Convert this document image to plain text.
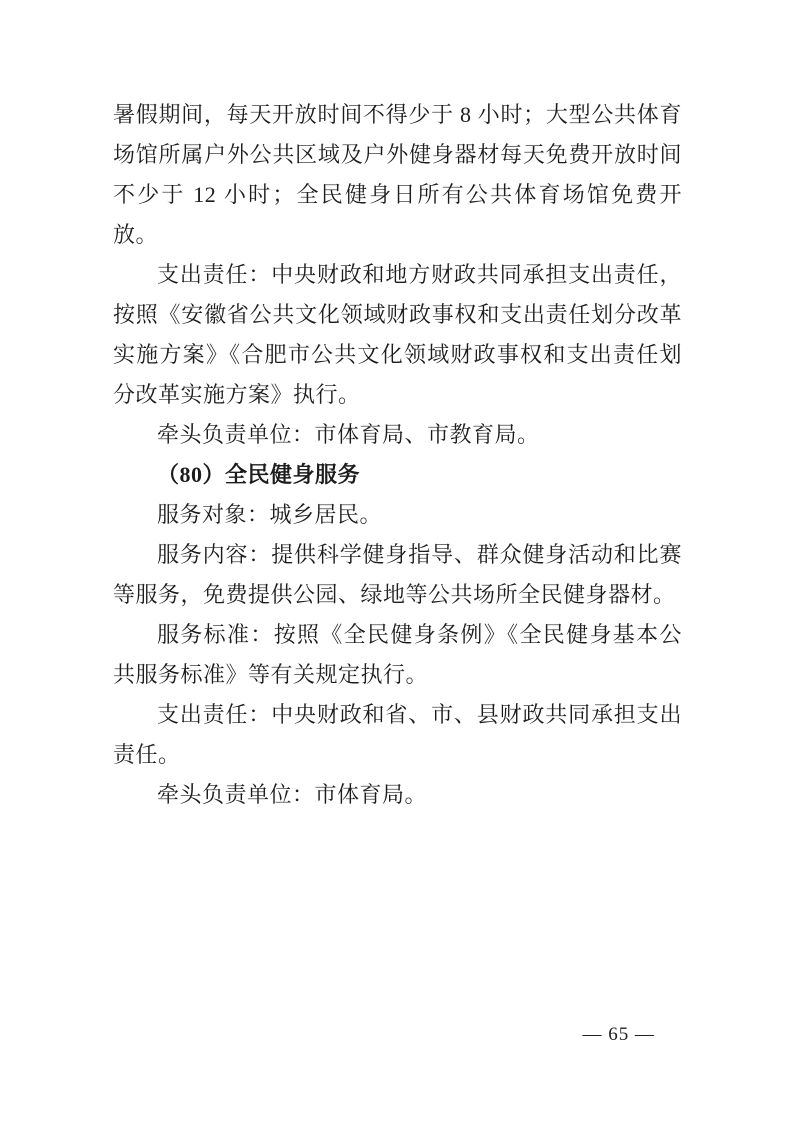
暑假期间，每天开放时间不得少于 8 小时；大型公共体育场馆所属户外公共区域及户外健身器材每天免费开放时间不少于 12 小时；全民健身日所有公共体育场馆免费开放。

支出责任：中央财政和地方财政共同承担支出责任，按照《安徽省公共文化领域财政事权和支出责任划分改革实施方案》《合肥市公共文化领域财政事权和支出责任划分改革实施方案》执行。

牵头负责单位：市体育局、市教育局。

（80）全民健身服务

服务对象：城乡居民。

服务内容：提供科学健身指导、群众健身活动和比赛等服务，免费提供公园、绿地等公共场所全民健身器材。

服务标准：按照《全民健身条例》《全民健身基本公共服务标准》等有关规定执行。

支出责任：中央财政和省、市、县财政共同承担支出责任。

牵头负责单位：市体育局。

— 65 —
